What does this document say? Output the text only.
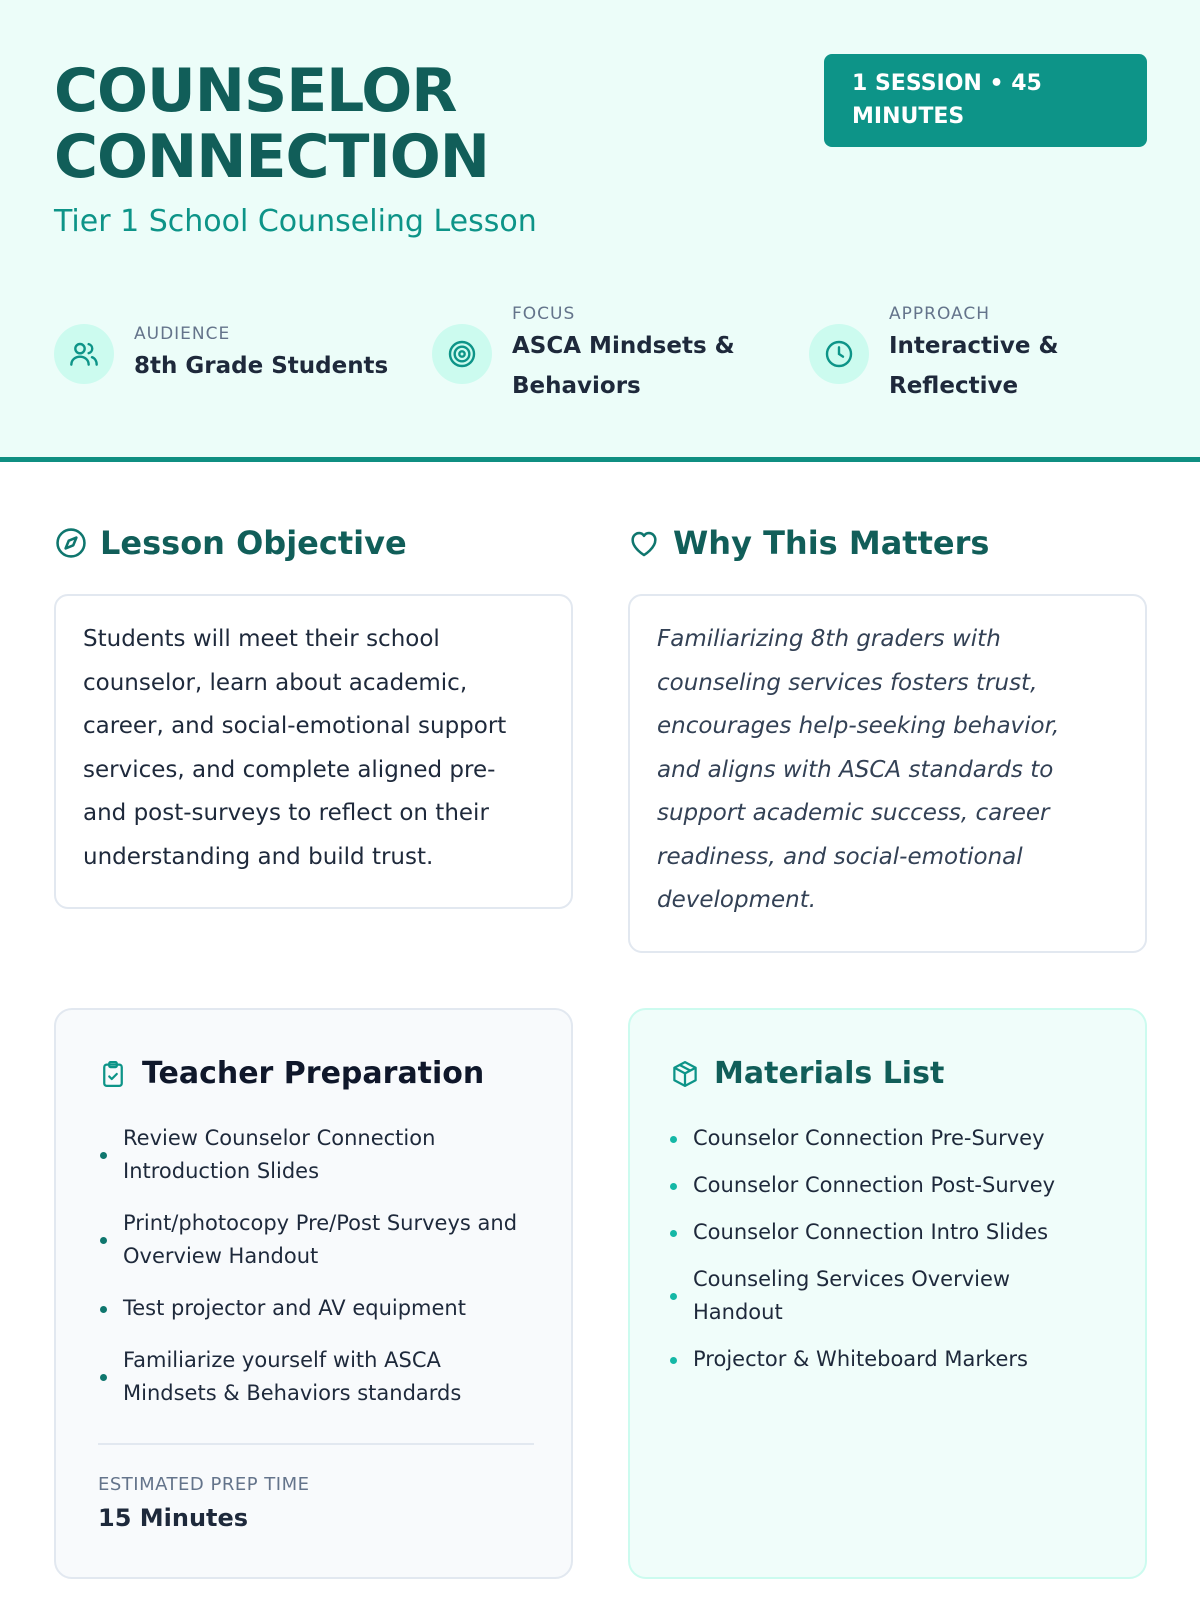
COUNSELOR
CONNECTION
Tier 1 School Counseling Lesson
1 SESSION • 45
MINUTES
AUDIENCE
8th Grade Students
FOCUS
ASCA Mindsets &
Behaviors
APPROACH
Interactive &
Reflective
Lesson Objective
Students will meet their school
counselor, learn about academic,
career, and social-emotional support
services, and complete aligned pre-
and post-surveys to reflect on their
understanding and build trust.
Why This Matters
Familiarizing 8th graders with
counseling services fosters trust,
encourages help-seeking behavior,
and aligns with ASCA standards to
support academic success, career
readiness, and social-emotional
development.
Teacher Preparation
Review Counselor Connection
Introduction Slides
Print/photocopy Pre/Post Surveys and
Overview Handout
Test projector and AV equipment
Familiarize yourself with ASCA
Mindsets & Behaviors standards
ESTIMATED PREP TIME
15 Minutes
Materials List
Counselor Connection Pre-Survey
Counselor Connection Post-Survey
Counselor Connection Intro Slides
Counseling Services Overview
Handout
Projector & Whiteboard Markers
